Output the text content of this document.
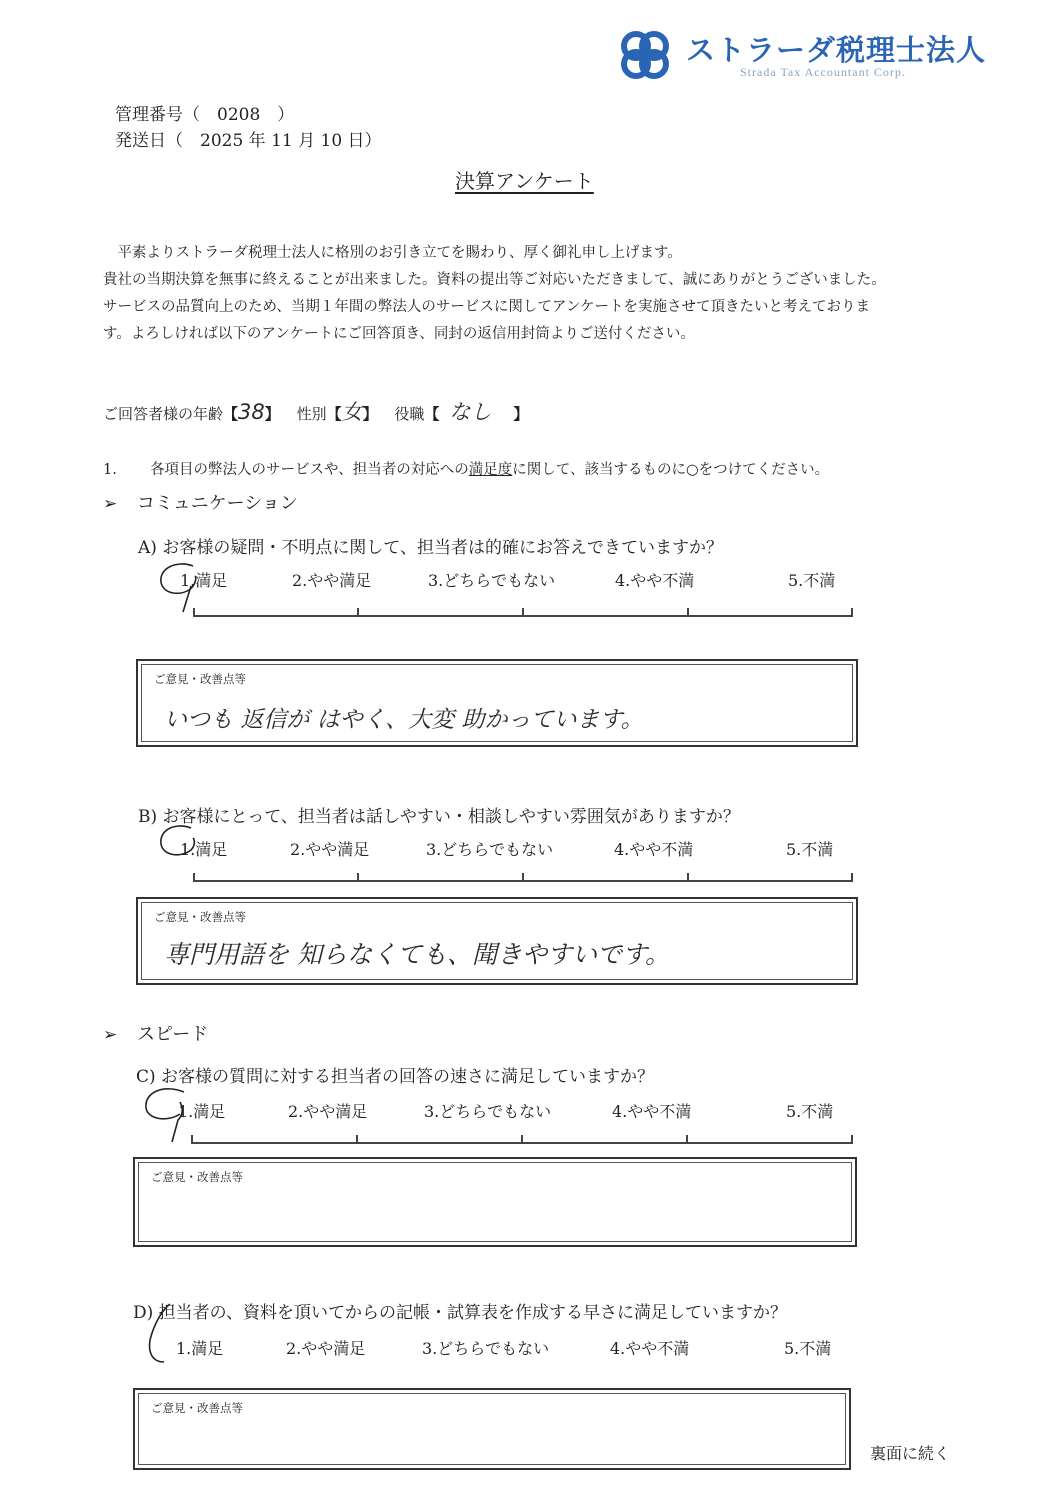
ストラーダ税理士法人
Strada Tax Accountant Corp.
管理番号（　0208　）
発送日（　2025 年 11 月 10 日）
決算アンケート
　平素よりストラーダ税理士法人に格別のお引き立てを賜わり、厚く御礼申し上げます。
貴社の当期決算を無事に終えることが出来ました。資料の提出等ご対応いただきまして、誠にありがとうございました。
サービスの品質向上のため、当期１年間の弊法人のサービスに関してアンケートを実施させて頂きたいと考えておりま
す。よろしければ以下のアンケートにご回答頂き、同封の返信用封筒よりご送付ください。
ご回答者様の年齢【38】 性別【女】 役職【 なし 】
1. 各項目の弊法人のサービスや、担当者の対応への満足度に関して、該当するものに○をつけてください。
➢ コミュニケーション
A) お客様の疑問・不明点に関して、担当者は的確にお答えできていますか？
1.満足	2.やや満足	3.どちらでもない	4.やや不満	5.不満
ご意見・改善点等
いつも 返信が はやく、大変 助かっています。
B) お客様にとって、担当者は話しやすい・相談しやすい雰囲気がありますか？
1.満足	2.やや満足	3.どちらでもない	4.やや不満	5.不満
ご意見・改善点等
専門用語を 知らなくても、聞きやすいです。
➢ スピード
C) お客様の質問に対する担当者の回答の速さに満足していますか？
1.満足	2.やや満足	3.どちらでもない	4.やや不満	5.不満
ご意見・改善点等
D) 担当者の、資料を頂いてからの記帳・試算表を作成する早さに満足していますか？
1.満足	2.やや満足	3.どちらでもない	4.やや不満	5.不満
ご意見・改善点等
裏面に続く
